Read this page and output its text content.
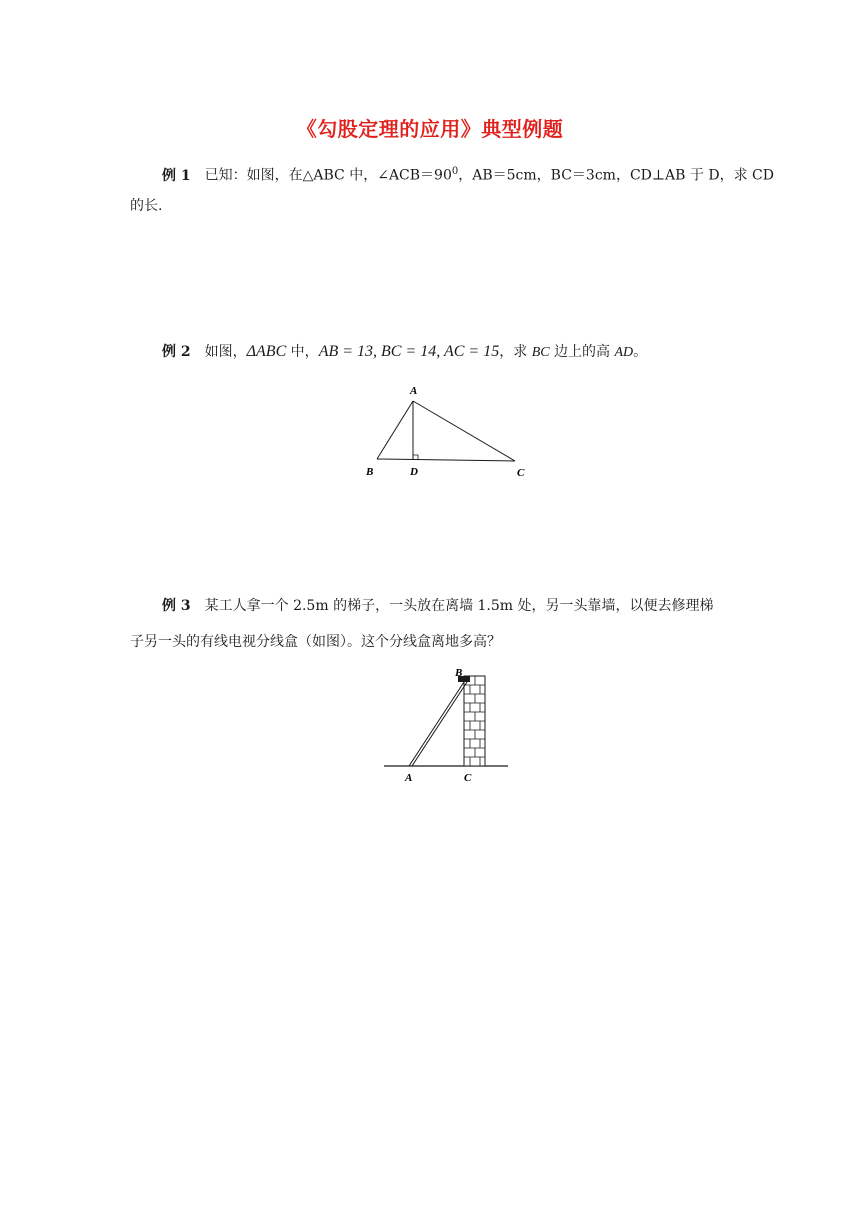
《勾股定理的应用》典型例题
例 1 已知：如图，在△ABC 中，$\angle ACB=90^0$，AB＝5cm，BC＝3cm，CD⊥AB 于 D，求 CD
的长.
例 2 如图，ΔABC 中，AB = 13, BC = 14, AC = 15，求 BC 边上的高 AD。
A
B	D	C
例 3 某工人拿一个 2.5m 的梯子，一头放在离墙 1.5m 处，另一头靠墙，以便去修理梯
子另一头的有线电视分线盒（如图）。这个分线盒离地多高？
A
B
C
